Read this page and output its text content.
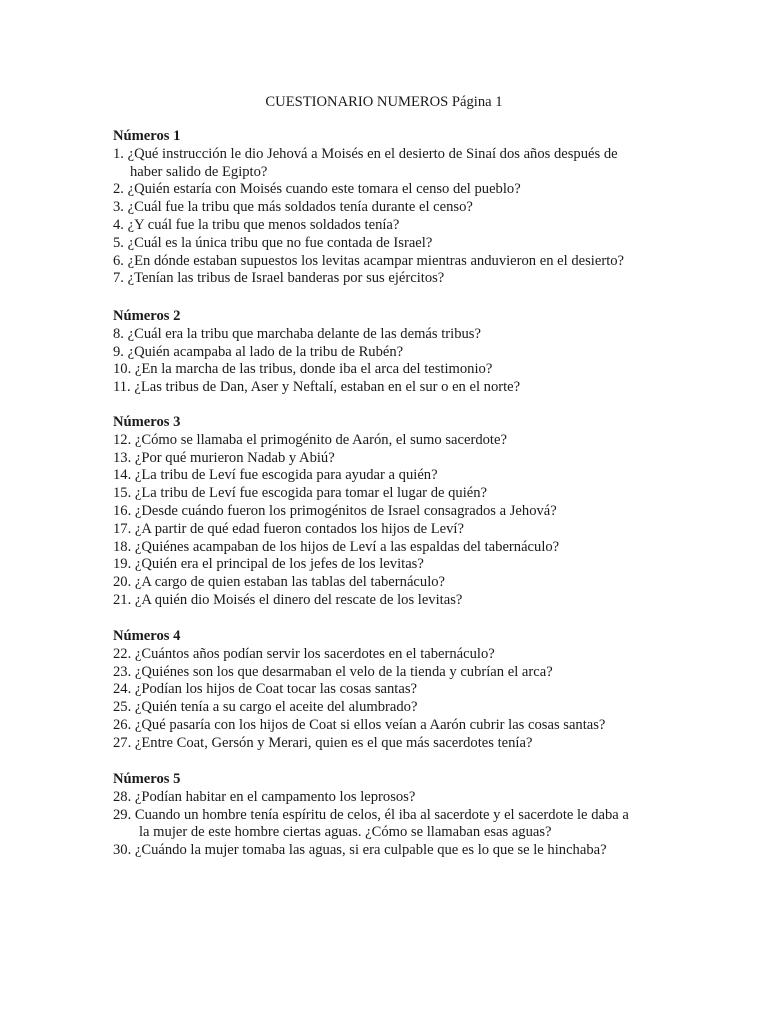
CUESTIONARIO NUMEROS Página 1
Números 1
1. ¿Qué instrucción le dio Jehová a Moisés en el desierto de Sinaí dos años después de
haber salido de Egipto?
2. ¿Quién estaría con Moisés cuando este tomara el censo del pueblo?
3. ¿Cuál fue la tribu que más soldados tenía durante el censo?
4. ¿Y cuál fue la tribu que menos soldados tenía?
5. ¿Cuál es la única tribu que no fue contada de Israel?
6. ¿En dónde estaban supuestos los levitas acampar mientras anduvieron en el desierto?
7. ¿Tenían las tribus de Israel banderas por sus ejércitos?
Números 2
8. ¿Cuál era la tribu que marchaba delante de las demás tribus?
9. ¿Quién acampaba al lado de la tribu de Rubén?
10. ¿En la marcha de las tribus, donde iba el arca del testimonio?
11. ¿Las tribus de Dan, Aser y Neftalí, estaban en el sur o en el norte?
Números 3
12. ¿Cómo se llamaba el primogénito de Aarón, el sumo sacerdote?
13. ¿Por qué murieron Nadab y Abiú?
14. ¿La tribu de Leví fue escogida para ayudar a quién?
15. ¿La tribu de Leví fue escogida para tomar el lugar de quién?
16. ¿Desde cuándo fueron los primogénitos de Israel consagrados a Jehová?
17. ¿A partir de qué edad fueron contados los hijos de Leví?
18. ¿Quiénes acampaban de los hijos de Leví a las espaldas del tabernáculo?
19. ¿Quién era el principal de los jefes de los levitas?
20. ¿A cargo de quien estaban las tablas del tabernáculo?
21. ¿A quién dio Moisés el dinero del rescate de los levitas?
Números 4
22. ¿Cuántos años podían servir los sacerdotes en el tabernáculo?
23. ¿Quiénes son los que desarmaban el velo de la tienda y cubrían el arca?
24. ¿Podían los hijos de Coat tocar las cosas santas?
25. ¿Quién tenía a su cargo el aceite del alumbrado?
26. ¿Qué pasaría con los hijos de Coat si ellos veían a Aarón cubrir las cosas santas?
27. ¿Entre Coat, Gersón y Merari, quien es el que más sacerdotes tenía?
Números 5
28. ¿Podían habitar en el campamento los leprosos?
29. Cuando un hombre tenía espíritu de celos, él iba al sacerdote y el sacerdote le daba a
la mujer de este hombre ciertas aguas. ¿Cómo se llamaban esas aguas?
30. ¿Cuándo la mujer tomaba las aguas, si era culpable que es lo que se le hinchaba?
